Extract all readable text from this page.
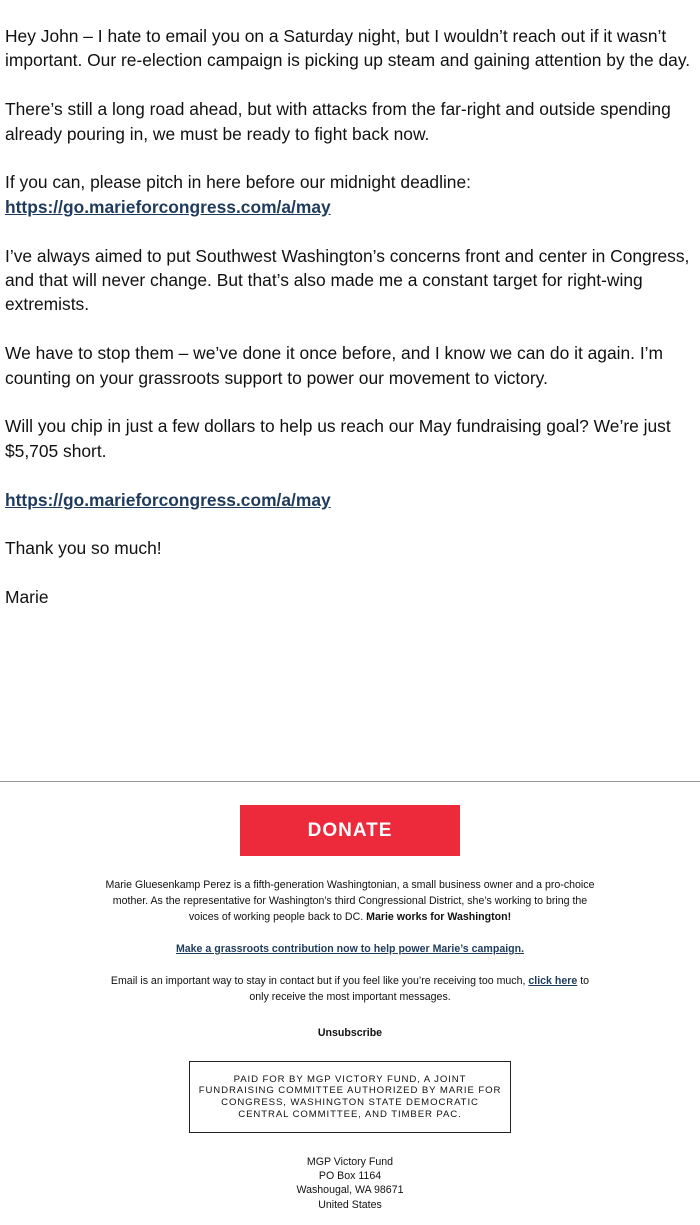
Hey John – I hate to email you on a Saturday night, but I wouldn’t reach out if it wasn’t important. Our re-election campaign is picking up steam and gaining attention by the day.

There’s still a long road ahead, but with attacks from the far-right and outside spending already pouring in, we must be ready to fight back now.

If you can, please pitch in here before our midnight deadline:
https://go.marieforcongress.com/a/may

I’ve always aimed to put Southwest Washington’s concerns front and center in Congress, and that will never change. But that’s also made me a constant target for right-wing extremists.

We have to stop them – we’ve done it once before, and I know we can do it again. I’m counting on your grassroots support to power our movement to victory.

Will you chip in just a few dollars to help us reach our May fundraising goal? We’re just $5,705 short.

https://go.marieforcongress.com/a/may

Thank you so much!

Marie

DONATE
Marie Gluesenkamp Perez is a fifth-generation Washingtonian, a small business owner and a pro-choice mother. As the representative for Washington’s third Congressional District, she’s working to bring the voices of working people back to DC. Marie works for Washington!
Make a grassroots contribution now to help power Marie’s campaign.
Email is an important way to stay in contact but if you feel like you’re receiving too much, click here to only receive the most important messages.
Unsubscribe
PAID FOR BY MGP VICTORY FUND, A JOINT FUNDRAISING COMMITTEE AUTHORIZED BY MARIE FOR CONGRESS, WASHINGTON STATE DEMOCRATIC CENTRAL COMMITTEE, AND TIMBER PAC.
MGP Victory Fund
PO Box 1164
Washougal, WA 98671
United States
